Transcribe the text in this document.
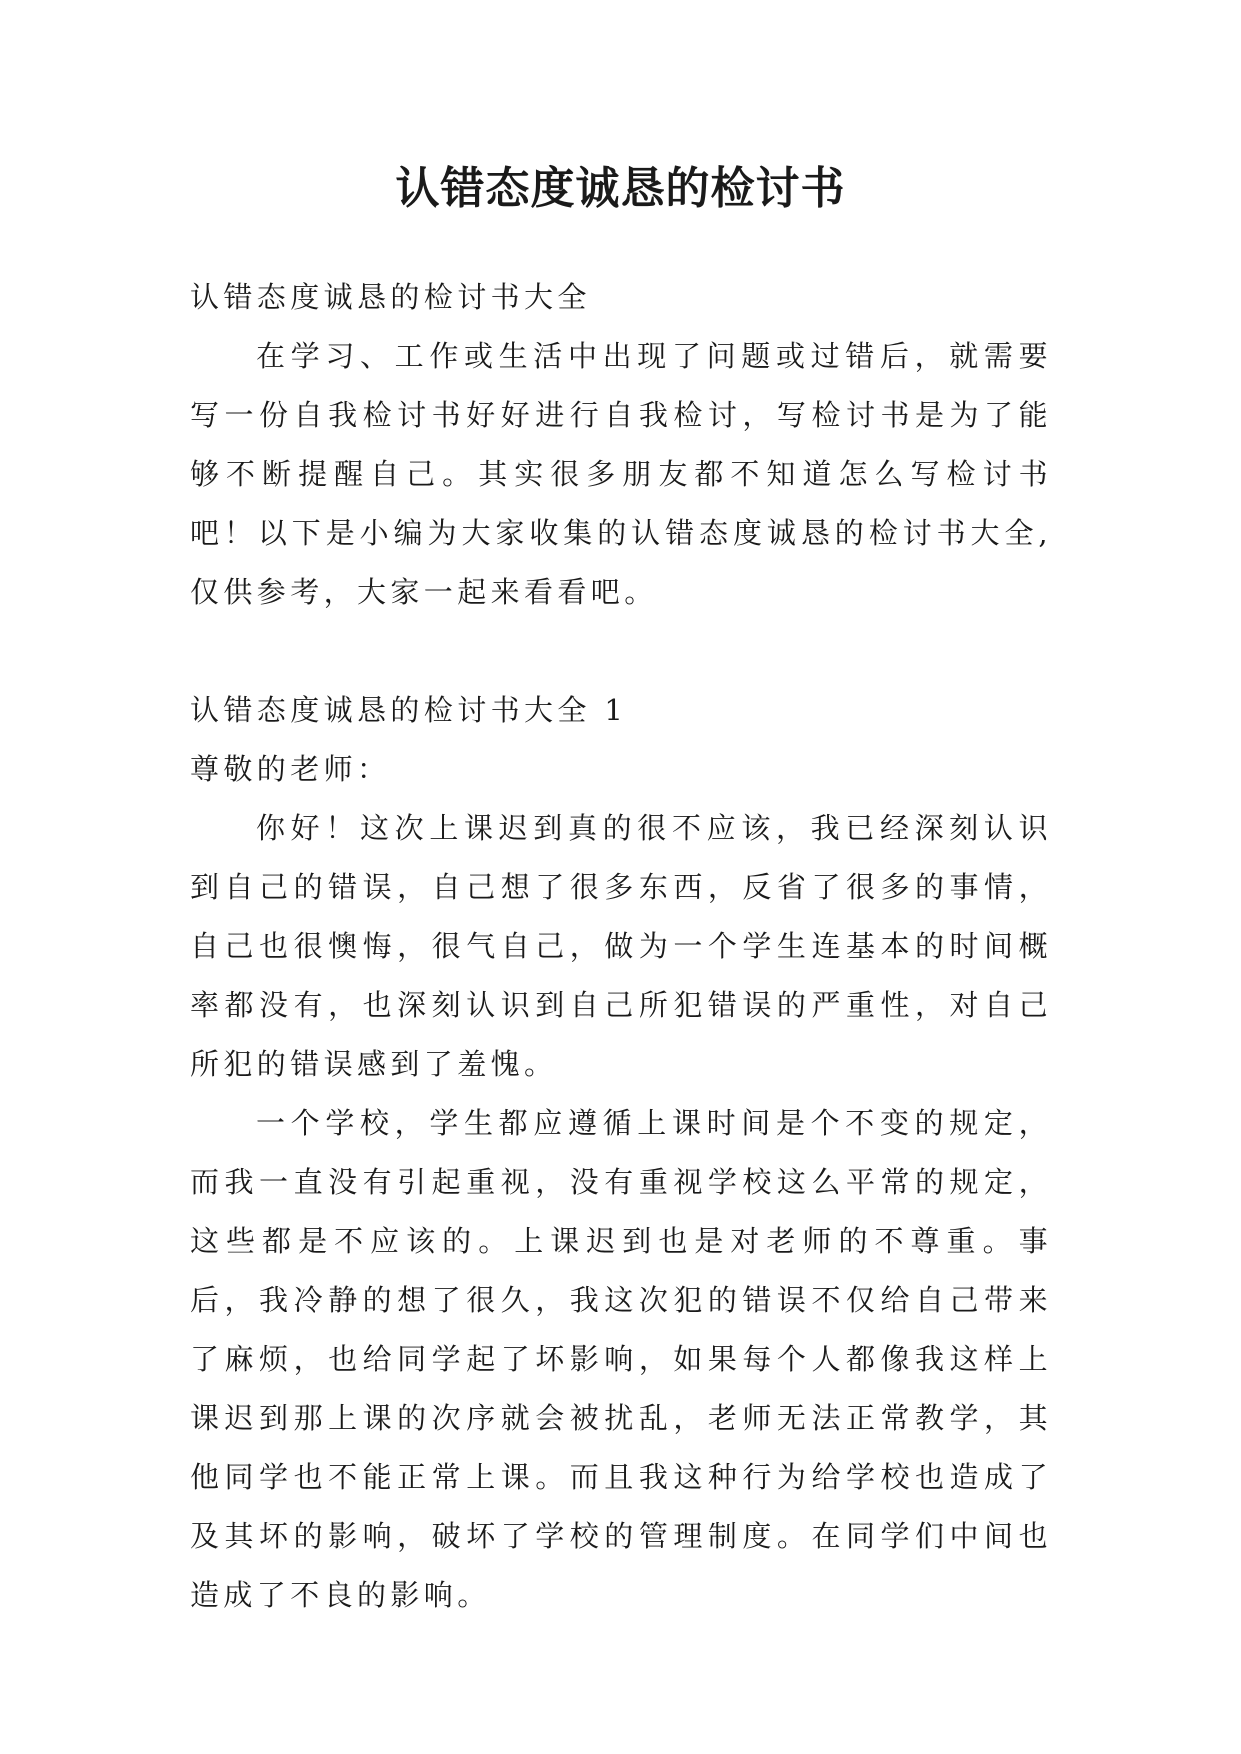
认错态度诚恳的检讨书

认错态度诚恳的检讨书大全

在学习、工作或生活中出现了问题或过错后，就需要写一份自我检讨书好好进行自我检讨，写检讨书是为了能够不断提醒自己。其实很多朋友都不知道怎么写检讨书吧！以下是小编为大家收集的认错态度诚恳的检讨书大全,仅供参考，大家一起来看看吧。

认错态度诚恳的检讨书大全 1

尊敬的老师：

你好！这次上课迟到真的很不应该，我已经深刻认识到自己的错误，自己想了很多东西，反省了很多的事情，自己也很懊悔，很气自己，做为一个学生连基本的时间概率都没有，也深刻认识到自己所犯错误的严重性，对自己所犯的错误感到了羞愧。

一个学校，学生都应遵循上课时间是个不变的规定，而我一直没有引起重视，没有重视学校这么平常的规定，这些都是不应该的。上课迟到也是对老师的不尊重。事后，我冷静的想了很久，我这次犯的错误不仅给自己带来了麻烦，也给同学起了坏影响，如果每个人都像我这样上课迟到那上课的次序就会被扰乱，老师无法正常教学，其他同学也不能正常上课。而且我这种行为给学校也造成了及其坏的影响，破坏了学校的管理制度。在同学们中间也造成了不良的影响。
